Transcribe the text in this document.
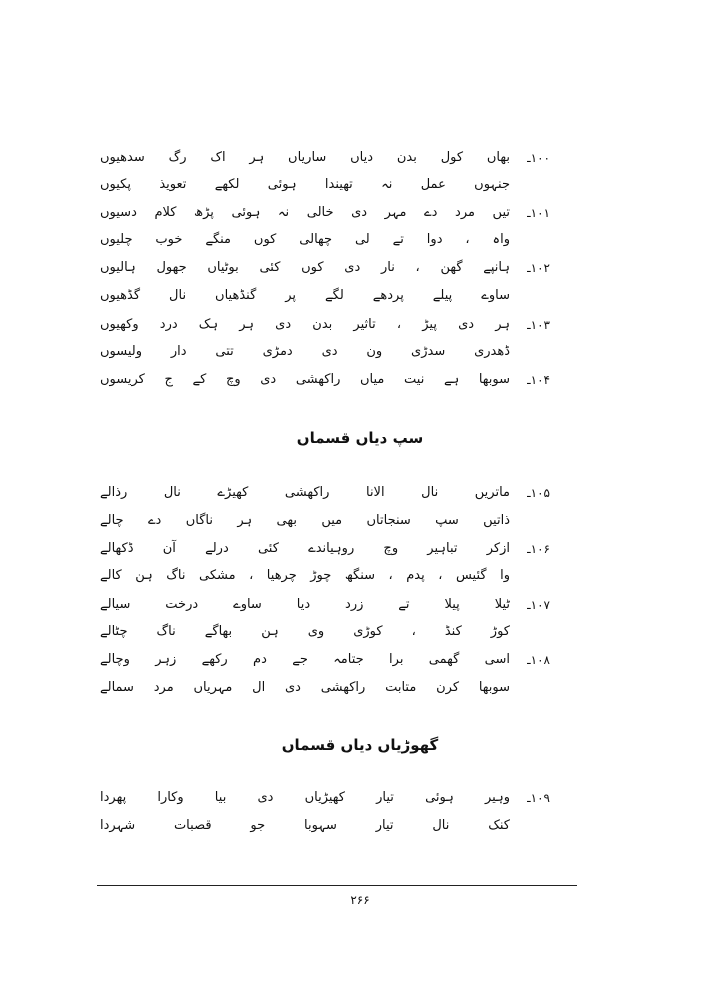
۱۰۰ـ
بھاں کول بدن دیاں ساریاں ہر اک رگ سدھیوں
جنہوں عمل نہ تھیندا ہوئی لکھے تعویذ پکیوں
۱۰۱ـ
تیں مرد دے مہر دی خالی نہ ہوئی پڑھ کلام دسیوں
واہ ، دوا تے لی چھالی کوں منگے خوب چلیوں
۱۰۲ـ
ہانپے گھن ، نار دی کوں کئی بوٹیاں جھول ہالیوں
ساوے پیلے پردھے لگے پر گنڈھیاں نال گڈھیوں
۱۰۳ـ
ہر دی پیڑ ، تاثیر بدن دی ہر ہک درد وکھیوں
ڈھدری سدڑی ون دی دمڑی تتی دار ولیسوں
۱۰۴ـ
سوبھا ہے نیت میاں راکھشی دی وچ کے ج کریسوں
سپ دیاں قسماں
۱۰۵ـ
ماتریں نال الانا راکھشی کھیڑے نال رذالے
ذاتیں سپ سنجاتاں میں بھی ہر ناگاں دے چالے
۱۰۶ـ
ازکر تباہیر وچ روہیاندے کئی درلے آن ڈکھالے
وا گئیس ، پدم ، سنگھ چوڑ چرھیا ، مشکی ناگ ہن کالے
۱۰۷ـ
ٹیلا پیلا تے زرد دیا ساوے درخت سیالے
کوڑ کنڈ ، کوڑی وی ہن بھاگے ناگ چٹالے
۱۰۸ـ
اسی گھمی برا جتامہ جے دم رکھے زہر وچالے
سوبھا کرن متابت راکھشی دی ال مہریاں مرد سمالے
گھوڑیاں دیاں قسماں
۱۰۹ـ
وہیر ہوئی تیار کھیڑیاں دی بیا وکارا پھردا
کنک نال تیار سہوبا جو قصبات شہردا
۲۶۶
